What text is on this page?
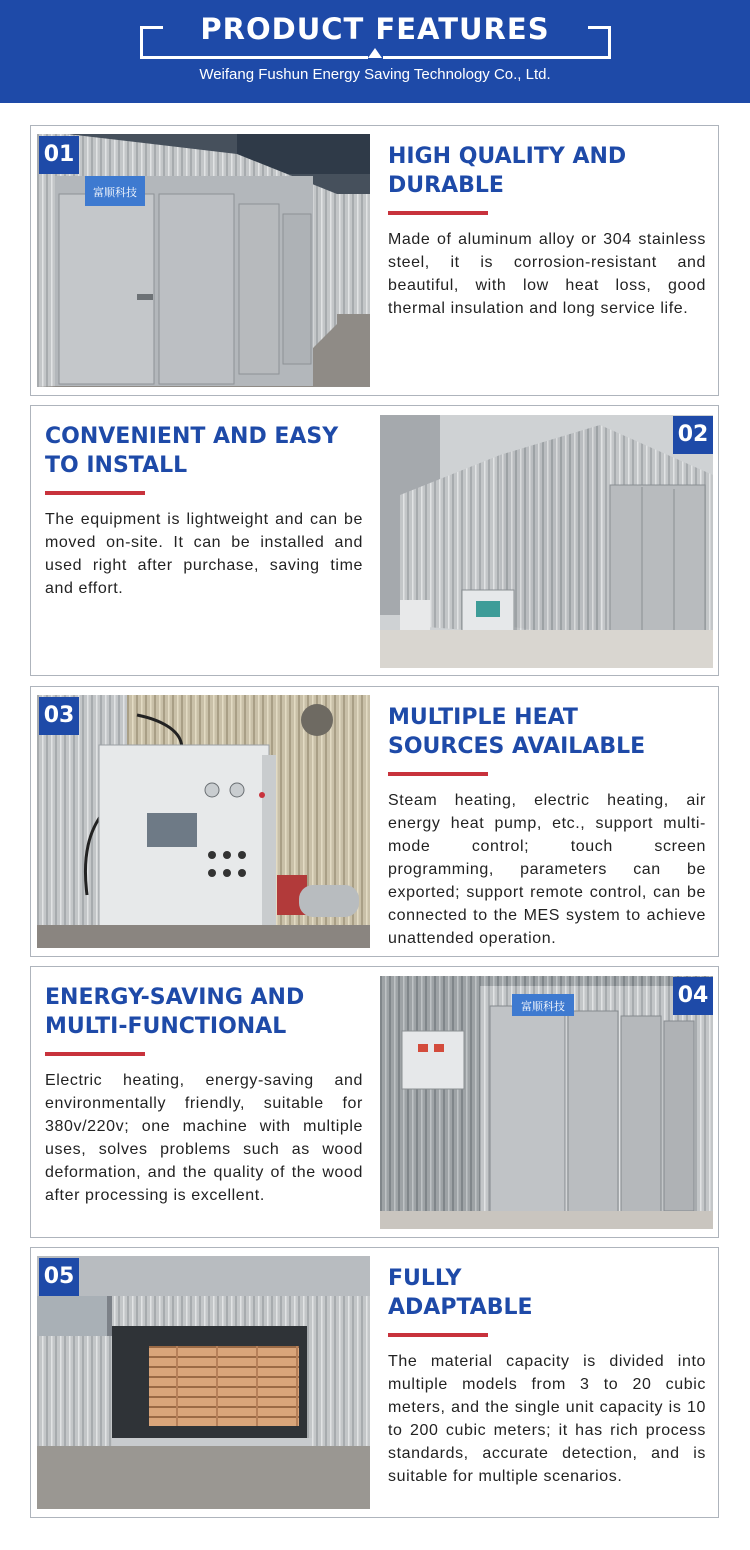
PRODUCT FEATURES
Weifang Fushun Energy Saving Technology Co., Ltd.
富顺科技
01	HIGH QUALITY AND
DURABLE

Made of aluminum alloy or 304 stainless steel, it is corrosion-resistant and beautiful, with low heat loss, good thermal insulation and long service life.

CONVENIENT AND EASY
TO INSTALL

The equipment is lightweight and can be moved on-site. It can be installed and used right after purchase, saving time and effort.

02
03	MULTIPLE HEAT
SOURCES AVAILABLE

Steam heating, electric heating, air energy heat pump, etc., support multi-mode control; touch screen programming, parameters can be exported; support remote control, can be connected to the MES system to achieve unattended operation.

ENERGY-SAVING AND
MULTI-FUNCTIONAL

Electric heating, energy-saving and environmentally friendly, suitable for 380v/220v; one machine with multiple uses, solves problems such as wood deformation, and the quality of the wood after processing is excellent.

富顺科技	04
05	FULLY
ADAPTABLE

The material capacity is divided into multiple models from 3 to 20 cubic meters, and the single unit capacity is 10 to 200 cubic meters; it has rich process standards, accurate detection, and is suitable for multiple scenarios.
